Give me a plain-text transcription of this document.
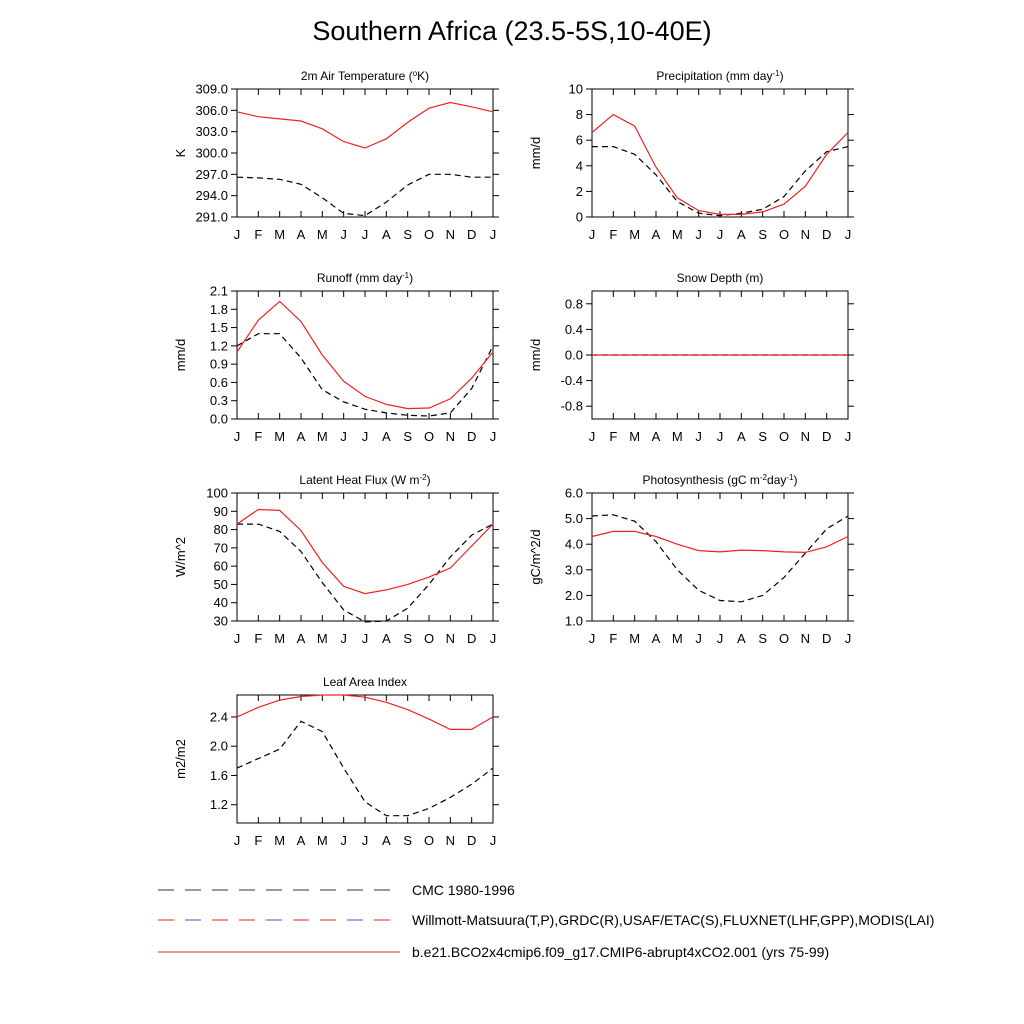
Southern Africa (23.5-5S,10-40E)
J F M A M J J A S O N D J
291.0
294.0
297.0
300.0
303.0
306.0
309.0
K
2m Air Temperature ($^o$K)
J F M A M J J A S O N D J
0
2
4
6
8
10
mm/d
Precipitation (mm day$^{-1}$)
J F M A M J J A S O N D J
0.0
0.3
0.6
0.9
1.2
1.5
1.8
2.1
mm/d
Runoff (mm day$^{-1}$)
J F M A M J J A S O N D J
-0.8
-0.4
0.0
0.4
0.8
mm/d
Snow Depth (m)
J F M A M J J A S O N D J
30
40
50
60
70
80
90
100
W/m^2
Latent Heat Flux (W $m^{-2}$)
J F M A M J J A S O N D J
1.0
2.0
3.0
4.0
5.0
6.0
gC/m^2/d
Photosynthesis (gC $m^{-2}day^{-1}$)
J F M A M J J A S O N D J
1.2
1.6
2.0
2.4
m2/m2
Leaf Area Index
CMC 1980-1996
Willmott-Matsuura(T,P),GRDC(R),USAF/ETAC(S),FLUXNET(LHF,GPP),MODIS(LAI)
b.e21.BCO2x4cmip6.f09_g17.CMIP6-abrupt4xCO2.001 (yrs 75-99)
